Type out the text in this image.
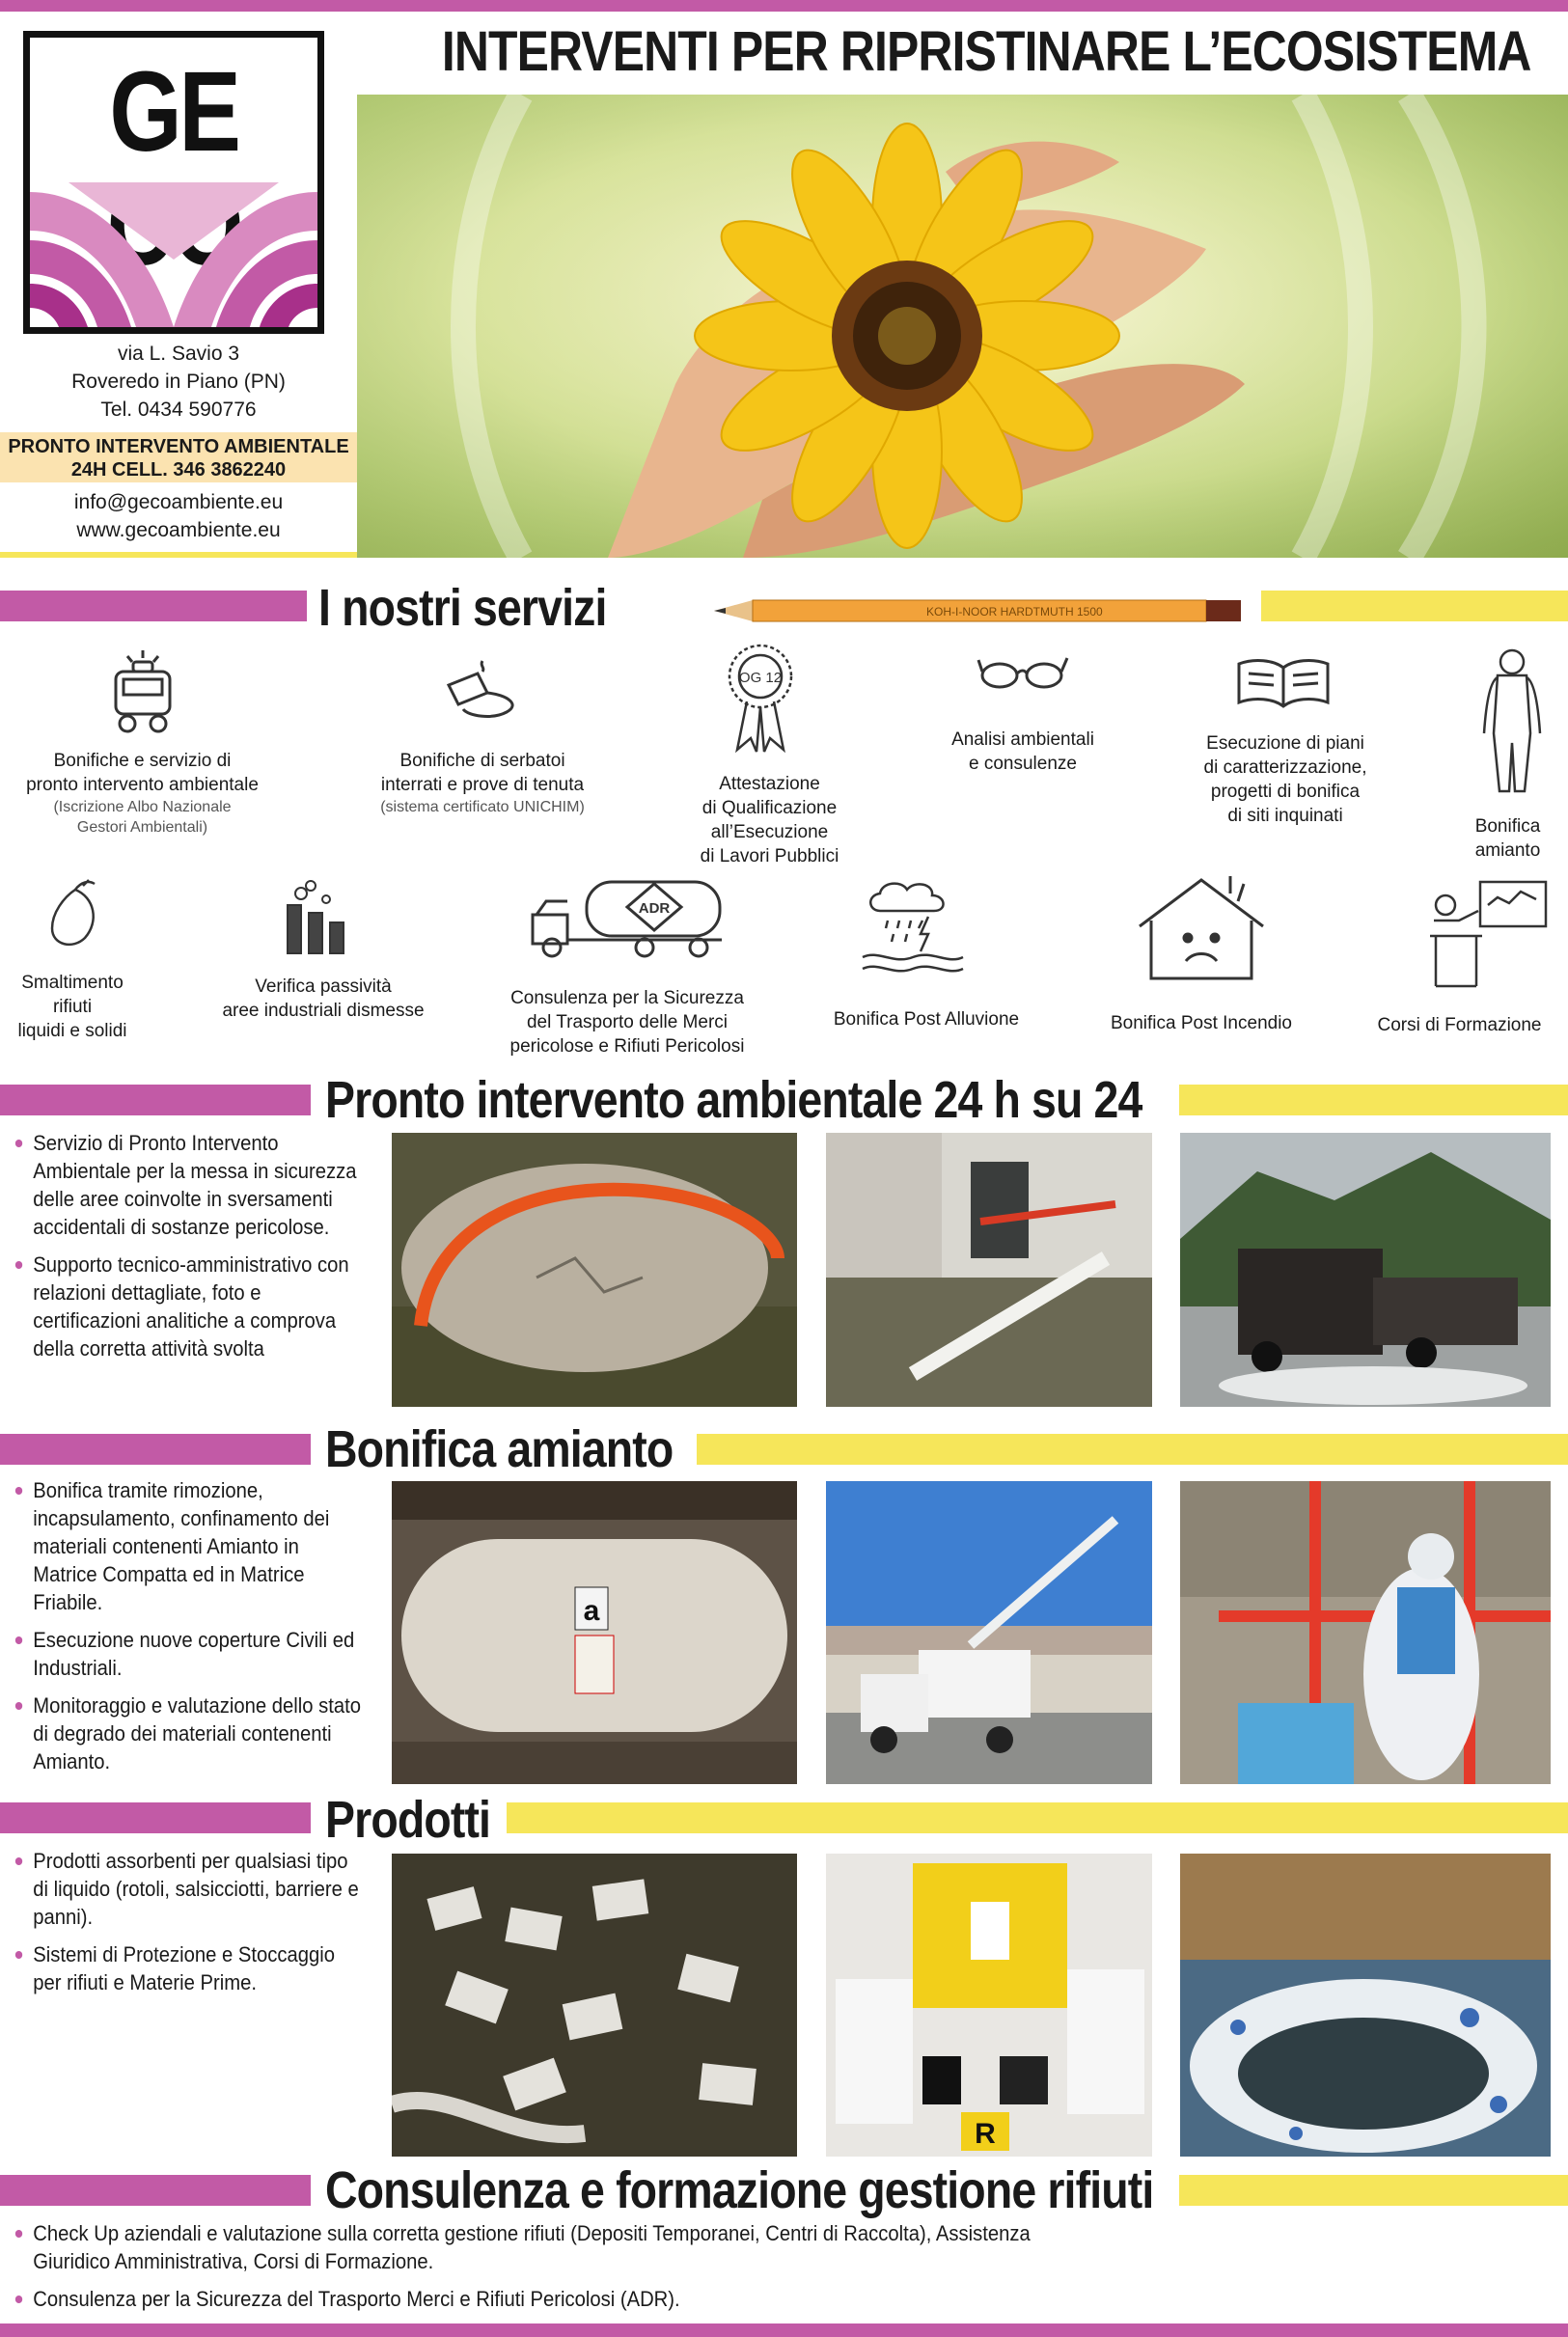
GE
via L. Savio 3
Roveredo in Piano (PN)
Tel. 0434 590776
PRONTO INTERVENTO AMBIENTALE
24H CELL. 346 3862240
info@gecoambiente.eu
www.gecoambiente.eu
INTERVENTI PER RIPRISTINARE L’ECOSISTEMA
I nostri servizi	KOH-I-NOOR HARDTMUTH 1500
Bonifiche e servizio di
pronto intervento ambientale
(Iscrizione Albo Nazionale
Gestori Ambientali)
Bonifiche di serbatoi
interrati e prove di tenuta
(sistema certificato UNICHIM)
OG 12
Attestazione
di Qualificazione
all’Esecuzione
di Lavori Pubblici
Analisi ambientali
e consulenze
Esecuzione di piani
di caratterizzazione,
progetti di bonifica
di siti inquinati
Bonifica
amianto
Smaltimento
rifiuti
liquidi e solidi
Verifica passività
aree industriali dismesse
ADR
Consulenza per la Sicurezza
del Trasporto delle Merci
pericolose e Rifiuti Pericolosi
Bonifica Post Alluvione	Bonifica Post Incendio	Corsi di Formazione
Pronto intervento ambientale 24 h su 24
Servizio di Pronto Intervento Ambientale per la messa in sicurezza delle aree coinvolte in sversamenti accidentali di sostanze pericolose.
Supporto tecnico-amministrativo con relazioni dettagliate, foto e certificazioni analitiche a comprova della corretta attività svolta
Bonifica amianto
Bonifica tramite rimozione, incapsulamento, confinamento dei materiali contenenti Amianto in Matrice Compatta ed in Matrice Friabile.
Esecuzione nuove coperture Civili ed Industriali.
Monitoraggio e valutazione dello stato di degrado dei materiali contenenti Amianto.
a
Prodotti
Prodotti assorbenti per qualsiasi tipo di liquido (rotoli, salsicciotti, barriere e panni).
Sistemi di Protezione e Stoccaggio per rifiuti e Materie Prime.
R
Consulenza e formazione gestione rifiuti
Check Up aziendali e valutazione sulla corretta gestione rifiuti (Depositi Temporanei, Centri di Raccolta), Assistenza Giuridico Amministrativa, Corsi di Formazione.
Consulenza per la Sicurezza del Trasporto Merci e Rifiuti Pericolosi (ADR).
